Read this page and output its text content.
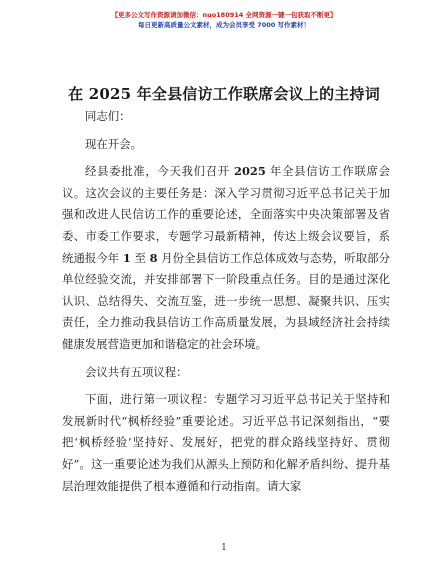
【更多公文写作资源请加微信：nuo180914 全网资源一键一包获取不断更】
每日更新高质量公文素材，成为会员享受 7000 写作素材！
在 2025 年全县信访工作联席会议上的主持词

同志们：

现在开会。

经县委批准，今天我们召开 2025 年全县信访工作联席会议。这次会议的主要任务是：深入学习贯彻习近平总书记关于加强和改进人民信访工作的重要论述，全面落实中央决策部署及省委、市委工作要求，专题学习最新精神，传达上级会议要旨，系统通报今年 1 至 8 月份全县信访工作总体成效与态势，听取部分单位经验交流，并安排部署下一阶段重点任务。目的是通过深化认识、总结得失、交流互鉴，进一步统一思想、凝聚共识、压实责任，全力推动我县信访工作高质量发展，为县域经济社会持续健康发展营造更加和谐稳定的社会环境。

会议共有五项议程：

下面，进行第一项议程：专题学习习近平总书记关于坚持和发展新时代“枫桥经验”重要论述。习近平总书记深刻指出，“要把‘枫桥经验’坚持好、发展好，把党的群众路线坚持好、贯彻好”。这一重要论述为我们从源头上预防和化解矛盾纠纷、提升基层治理效能提供了根本遵循和行动指南。请大家

1
